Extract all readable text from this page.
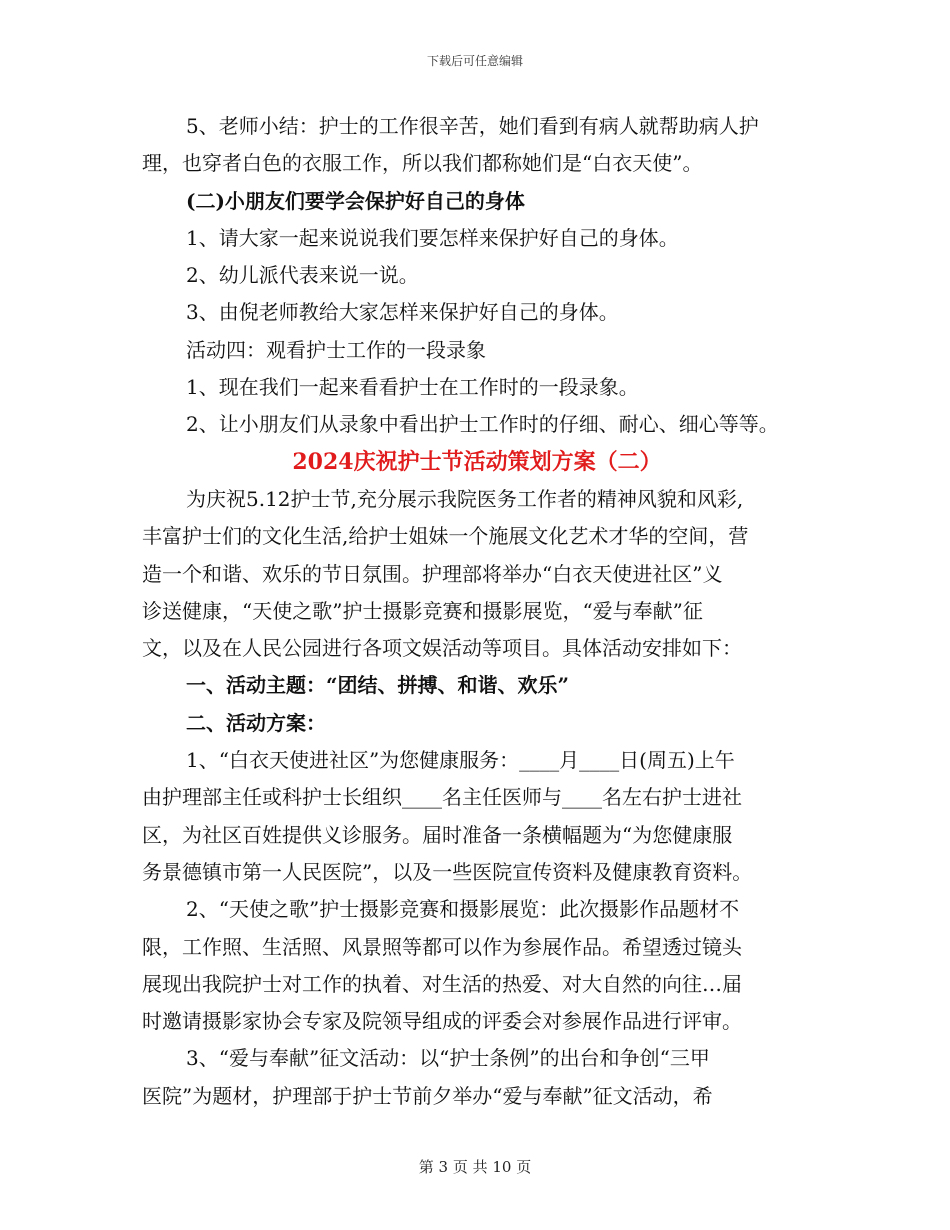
下载后可任意编辑
5、老师小结：护士的工作很辛苦，她们看到有病人就帮助病人护
理，也穿者白色的衣服工作，所以我们都称她们是“白衣天使”。
(二)小朋友们要学会保护好自己的身体
1、请大家一起来说说我们要怎样来保护好自己的身体。
2、幼儿派代表来说一说。
3、由倪老师教给大家怎样来保护好自己的身体。
活动四：观看护士工作的一段录象
1、现在我们一起来看看护士在工作时的一段录象。
2、让小朋友们从录象中看出护士工作时的仔细、耐心、细心等等。
2024庆祝护士节活动策划方案（二）
为庆祝5.12护士节,充分展示我院医务工作者的精神风貌和风彩,
丰富护士们的文化生活,给护士姐妹一个施展文化艺术才华的空间，营
造一个和谐、欢乐的节日氛围。护理部将举办“白衣天使进社区”义
诊送健康，“天使之歌”护士摄影竞赛和摄影展览，“爱与奉献”征
文，以及在人民公园进行各项文娱活动等项目。具体活动安排如下：
一、活动主题：“团结、拼搏、和谐、欢乐”
二、活动方案：
1、“白衣天使进社区”为您健康服务：____月____日(周五)上午
由护理部主任或科护士长组织____名主任医师与____名左右护士进社
区，为社区百姓提供义诊服务。届时准备一条横幅题为“为您健康服
务景德镇市第一人民医院”，以及一些医院宣传资料及健康教育资料。
2、“天使之歌”护士摄影竞赛和摄影展览：此次摄影作品题材不
限，工作照、生活照、风景照等都可以作为参展作品。希望透过镜头
展现出我院护士对工作的执着、对生活的热爱、对大自然的向往…届
时邀请摄影家协会专家及院领导组成的评委会对参展作品进行评审。
3、“爱与奉献”征文活动：以“护士条例”的出台和争创“三甲
医院”为题材，护理部于护士节前夕举办“爱与奉献”征文活动，希
第 3 页 共 10 页
